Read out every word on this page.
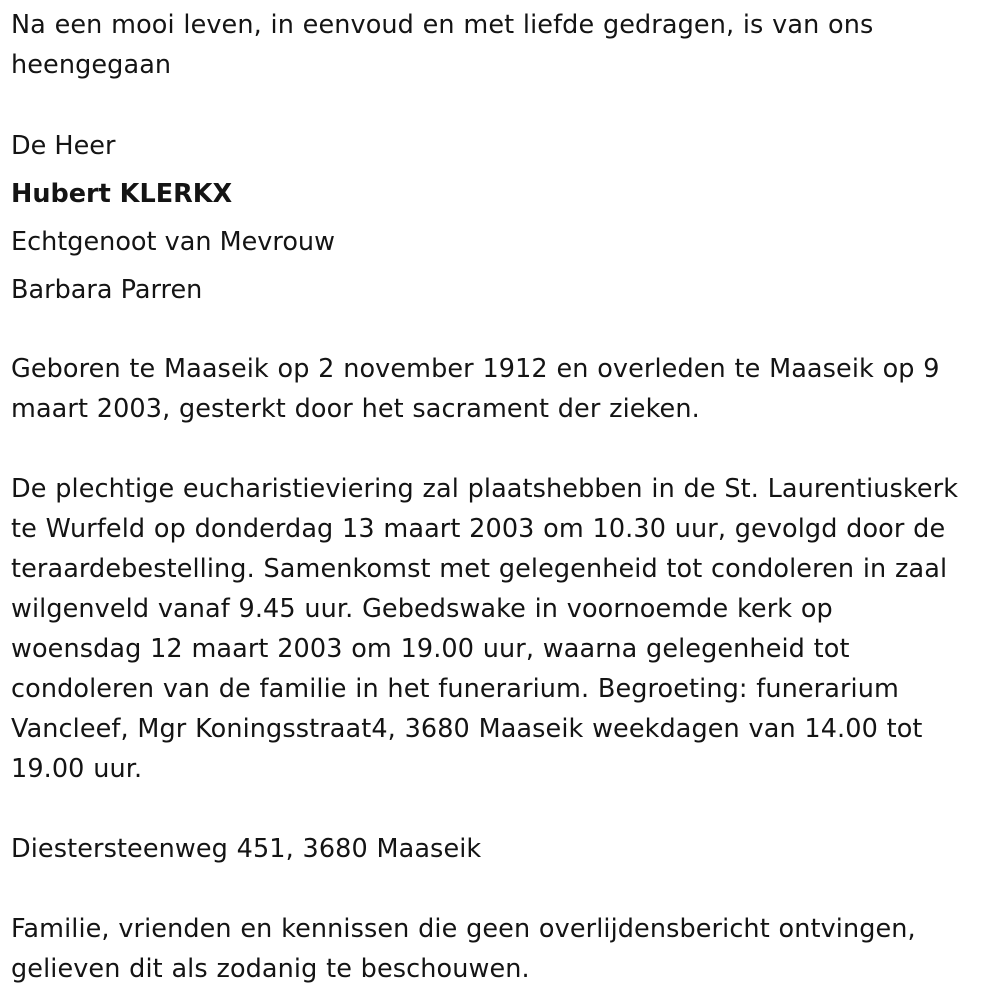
Na een mooi leven, in eenvoud en met liefde gedragen, is van ons
heengegaan

De Heer
Hubert KLERKX
Echtgenoot van Mevrouw
Barbara Parren

Geboren te Maaseik op 2 november 1912 en overleden te Maaseik op 9
maart 2003, gesterkt door het sacrament der zieken.

De plechtige eucharistieviering zal plaatshebben in de St. Laurentiuskerk
te Wurfeld op donderdag 13 maart 2003 om 10.30 uur, gevolgd door de
teraardebestelling. Samenkomst met gelegenheid tot condoleren in zaal
wilgenveld vanaf 9.45 uur. Gebedswake in voornoemde kerk op
woensdag 12 maart 2003 om 19.00 uur, waarna gelegenheid tot
condoleren van de familie in het funerarium. Begroeting: funerarium
Vancleef, Mgr Koningsstraat4, 3680 Maaseik weekdagen van 14.00 tot
19.00 uur.

Diestersteenweg 451, 3680 Maaseik

Familie, vrienden en kennissen die geen overlijdensbericht ontvingen,
gelieven dit als zodanig te beschouwen.
